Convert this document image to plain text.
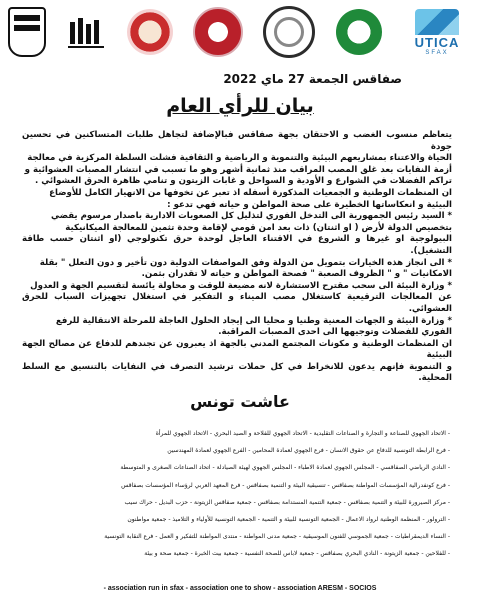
UTICA
SFAX
صفاقس الجمعة 27 ماي 2022
بيان للرأي العام

يتعاظم منسوب الغضب و الاحتقان بجهة صفاقس فبالإضافة لتجاهل طلبات المتساكنين في تحسين جودة

الحياة والاعتناء بمشاريعهم البيئية والتنموية و الرياضية و الثقافية فشلت السلطة المركزية في معالجة

أزمة النفايات بعد غلق المصب المراقب منذ ثمانية أشهر وهو ما تسبب في انتشار المصبات العشوائية و

تراكم الفضلات في الشوارع و الأودية و السواحل و غابات الزيتون و تنامي ظاهرة الحرق العشوائي .

ان المنظمات الوطنية و الجمعيات المذكورة أسفله اذ تعبر عن تخوفها من الانهيار الكامل للأوضاع

البيئية و انعكاساتها الخطيرة على صحة المواطن و حياته فهي تدعو :

* السيد رئيس الجمهورية الى التدخل الفوري لتذليل كل الصعوبات الادارية باصدار مرسوم يقضي

بتخصيص الدولة لأرض ( او اثنتان) ذات بعد امن قومي لإقامة وحدة تثمين للمعالجة الميكانيكية

البيولوجية او غيرها و الشروع في الاقتناء العاجل لوحدة حرق تكنولوجي (او اثنتان حسب طاقة التشغيل).

* الى انجاز هذه الخيارات بتمويل من الدولة وفق المواصفات الدولية دون تأخير و دون التعلل " بقلة

الامكانيات " و " الظروف الصعبة " فصحة المواطن و حياته لا تقدران بثمن.

* وزارة البيئة الى سحب مقترح الاستشارة لانه مضيعة للوقت و محاولة يائسة لتقسيم الجهة و العدول

عن المعالجات الترقيعية كاستغلال مصب الميناء و التفكير في استغلال تجهيزات السباب للحرق العشوائي.

* وزارة البيئة و الجهات المعنية وطنيا و محليا الى إيجاد الحلول العاجلة للمرحلة الانتقالية للرفع

الفوري للفضلات وتوجيهها الى احدى المصبات المراقبة.

ان المنظمات الوطنية و مكونات المجتمع المدني بالجهة اذ يعبرون عن تجندهم للدفاع عن مصالح الجهة البيئية

و التنموية فإنهم يدعون للانخراط في كل حملات ترشيد التصرف في النفايات بالتنسيق مع السلط المحلية.

عاشت تونس
- الاتحاد الجهوي للصناعة و التجارة و الصناعات التقليدية - الاتحاد الجهوي للفلاحة و الصيد البحري - الاتحاد الجهوي للمرأة
- فرع الرابطة التونسية للدفاع عن حقوق الانسان - فرع الجهوي لعمادة المحامين - الفرع الجهوي لعمادة المهندسين
- النادي الرياضي الصفاقسي - المجلس الجهوي لعمادة الاطباء - المجلس الجهوي لهيئة الصيادلة - اتحاد الصناعات الصغرى و المتوسطة
- فرع كونفدرالية المؤسسات المواطنة بصفاقس - تنسيقية البيئة و التنمية بصفاقس - فرع المعهد العربي لرؤساء المؤسسات بصفاقس
- مركز الصيرورة للبيئة و التنمية بصفاقس - جمعية التنمية المستدامة بصفاقس - جمعية صفاقس الزيتونة - حزب البديل - حراك سيب
- الترولور - المنظمة الوطنية لرواد الاعمال - الجمعية التونسية للبيئة و التنمية - الجمعية التونسية للأولياء و التلاميذ - جمعية مواطنون
- النساء الديمقراطيات - جمعية الجموسي للفنون الموسيقية - جمعية مدنى المواطنة - منتدى المواطنة للتفكير و العمل - فرع النقابة التونسية
- للفلاحين - جمعية الزيتونة - النادي البحري بصفاقس - جمعية لاباس للصحة النفسية - جمعية بيت الخبرة - جمعية صحة و بيئة
- association run in sfax - association one to show - association ARESM - SOCIOS
